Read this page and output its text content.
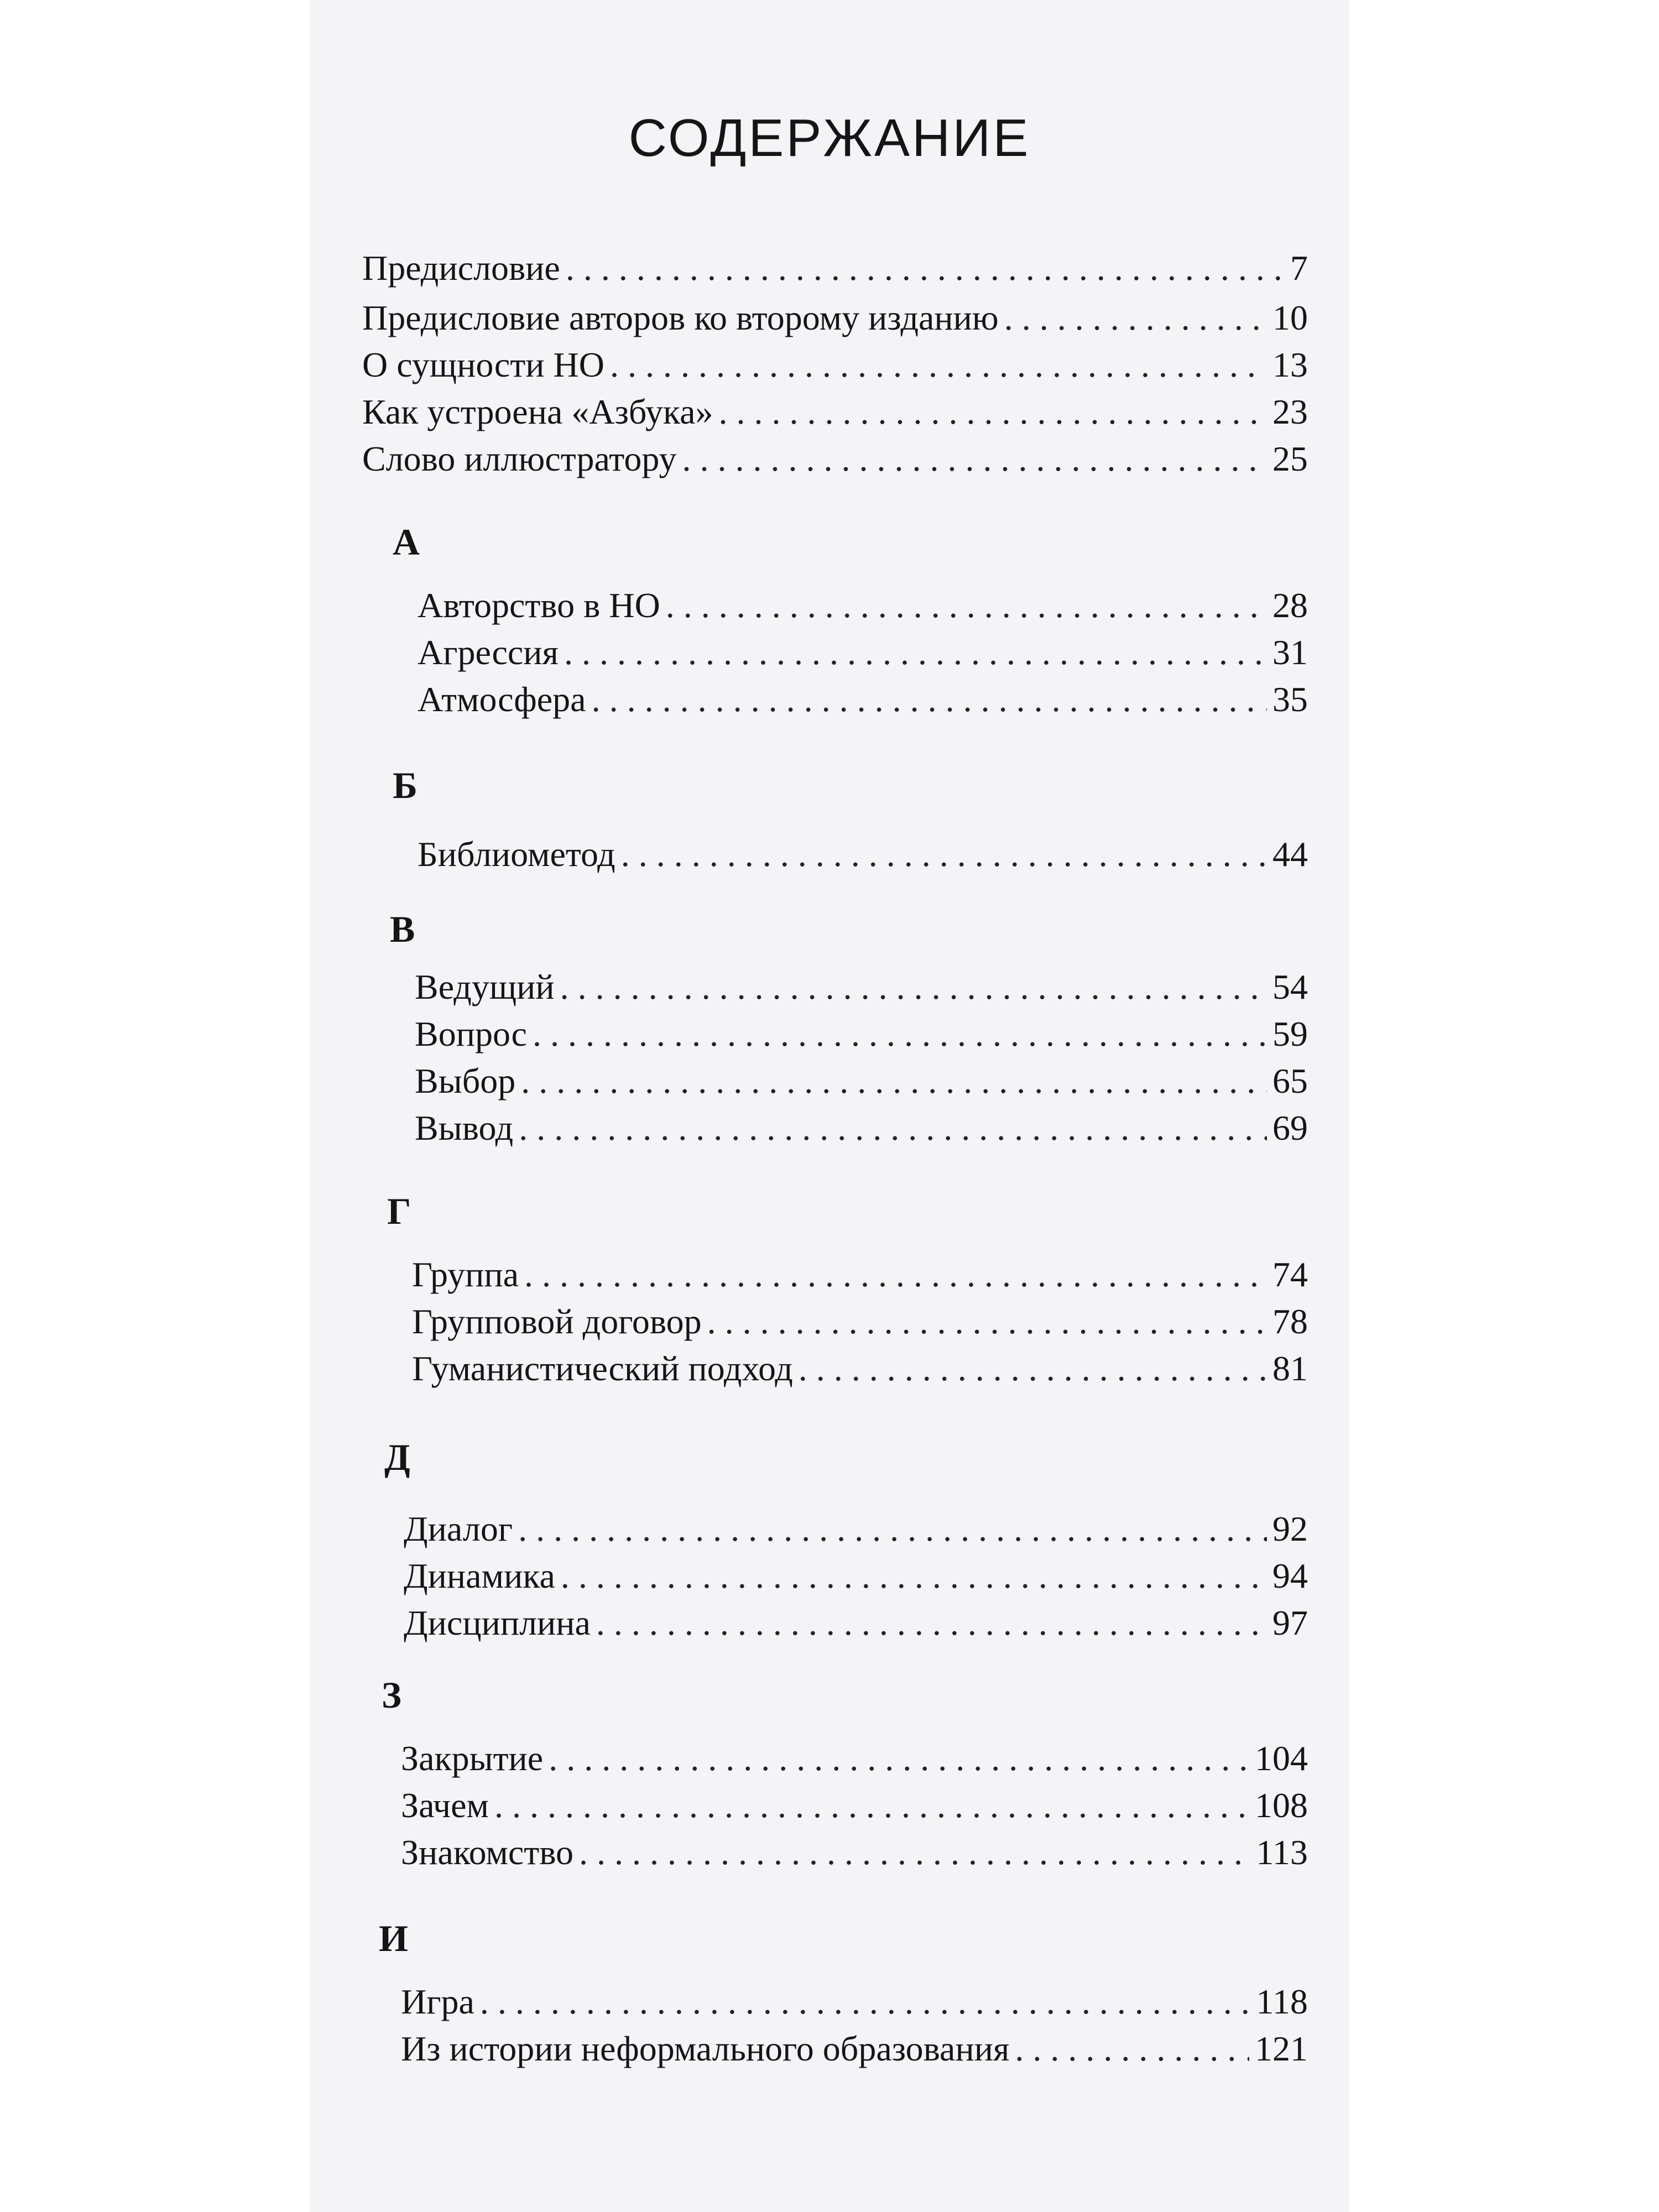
СОДЕРЖАНИЕ
Предисловие . . .	7
Предисловие авторов ко второму изданию . . .	10
О сущности НО . . .	13
Как устроена «Азбука» . . .	23
Слово иллюстратору . . .	25
А
Авторство в НО . . .	28
Агрессия . . .	31
Атмосфера . . .	35
Б
Библиометод . . .	44
В
Ведущий . . .	54
Вопрос . . .	59
Выбор . . .	65
Вывод . . .	69
Г
Группа . . .	74
Групповой договор . . .	78
Гуманистический подход . . .	81
Д
Диалог . . .	92
Динамика . . .	94
Дисциплина . . .	97
З
Закрытие . . .	104
Зачем . . .	108
Знакомство . . .	113
И
Игра . . .	118
Из истории неформального образования . . .	121
